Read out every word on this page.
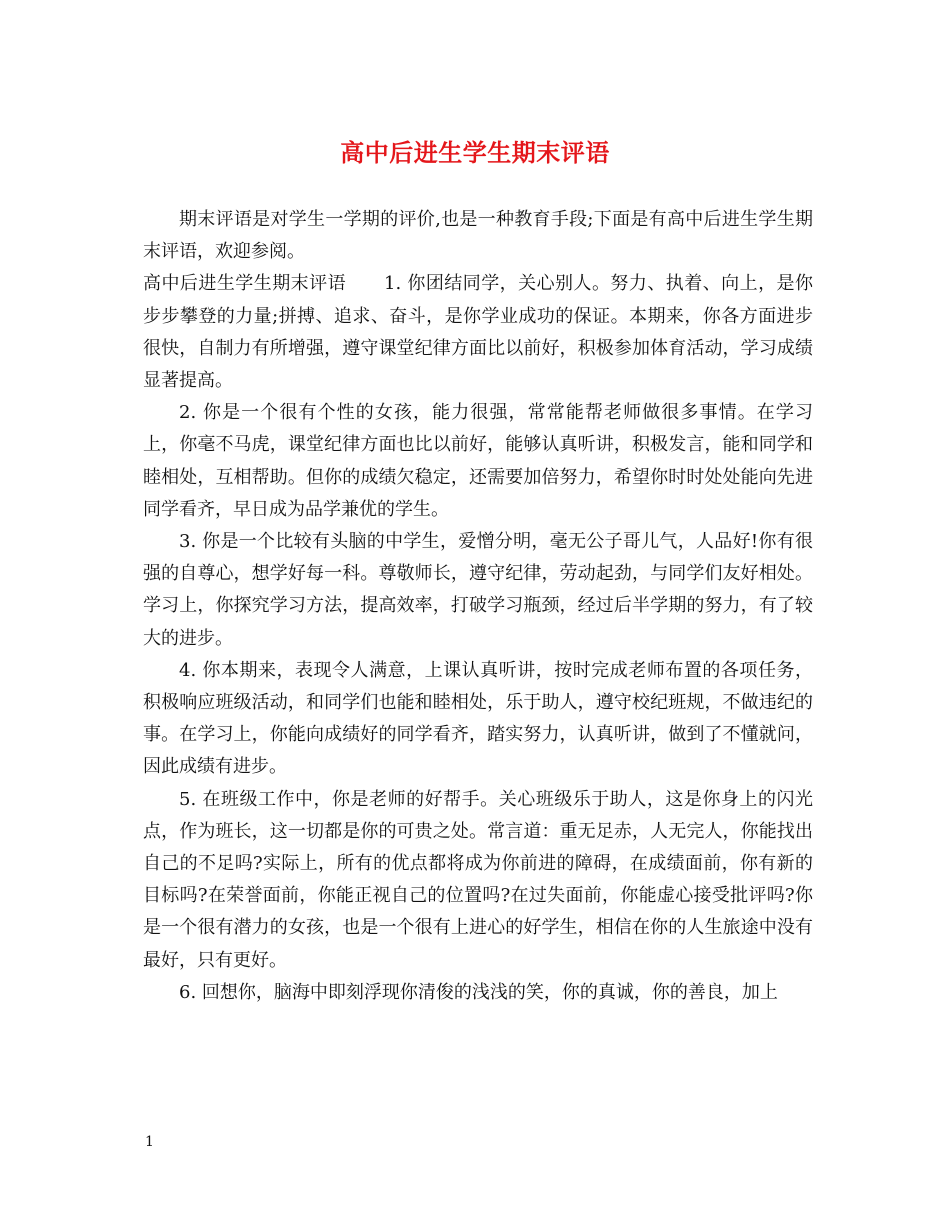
高中后进生学生期末评语

期末评语是对学生一学期的评价,也是一种教育手段;下面是有高中后进生学生期末评语，欢迎参阅。

高中后进生学生期末评语 1. 你团结同学，关心别人。努力、执着、向上，是你步步攀登的力量;拼搏、追求、奋斗，是你学业成功的保证。本期来，你各方面进步很快，自制力有所增强，遵守课堂纪律方面比以前好，积极参加体育活动，学习成绩显著提高。

2. 你是一个很有个性的女孩，能力很强，常常能帮老师做很多事情。在学习上，你毫不马虎，课堂纪律方面也比以前好，能够认真听讲，积极发言，能和同学和睦相处，互相帮助。但你的成绩欠稳定，还需要加倍努力，希望你时时处处能向先进同学看齐，早日成为品学兼优的学生。

3. 你是一个比较有头脑的中学生，爱憎分明，毫无公子哥儿气，人品好!你有很强的自尊心，想学好每一科。尊敬师长，遵守纪律，劳动起劲，与同学们友好相处。学习上，你探究学习方法，提高效率，打破学习瓶颈，经过后半学期的努力，有了较大的进步。

4. 你本期来，表现令人满意，上课认真听讲，按时完成老师布置的各项任务，积极响应班级活动，和同学们也能和睦相处，乐于助人，遵守校纪班规，不做违纪的事。在学习上，你能向成绩好的同学看齐，踏实努力，认真听讲，做到了不懂就问，因此成绩有进步。

5. 在班级工作中，你是老师的好帮手。关心班级乐于助人，这是你身上的闪光点，作为班长，这一切都是你的可贵之处。常言道：重无足赤，人无完人，你能找出自己的不足吗?实际上，所有的优点都将成为你前进的障碍，在成绩面前，你有新的目标吗?在荣誉面前，你能正视自己的位置吗?在过失面前，你能虚心接受批评吗?你是一个很有潜力的女孩，也是一个很有上进心的好学生，相信在你的人生旅途中没有最好，只有更好。

6. 回想你，脑海中即刻浮现你清俊的浅浅的笑，你的真诚，你的善良，加上

1
